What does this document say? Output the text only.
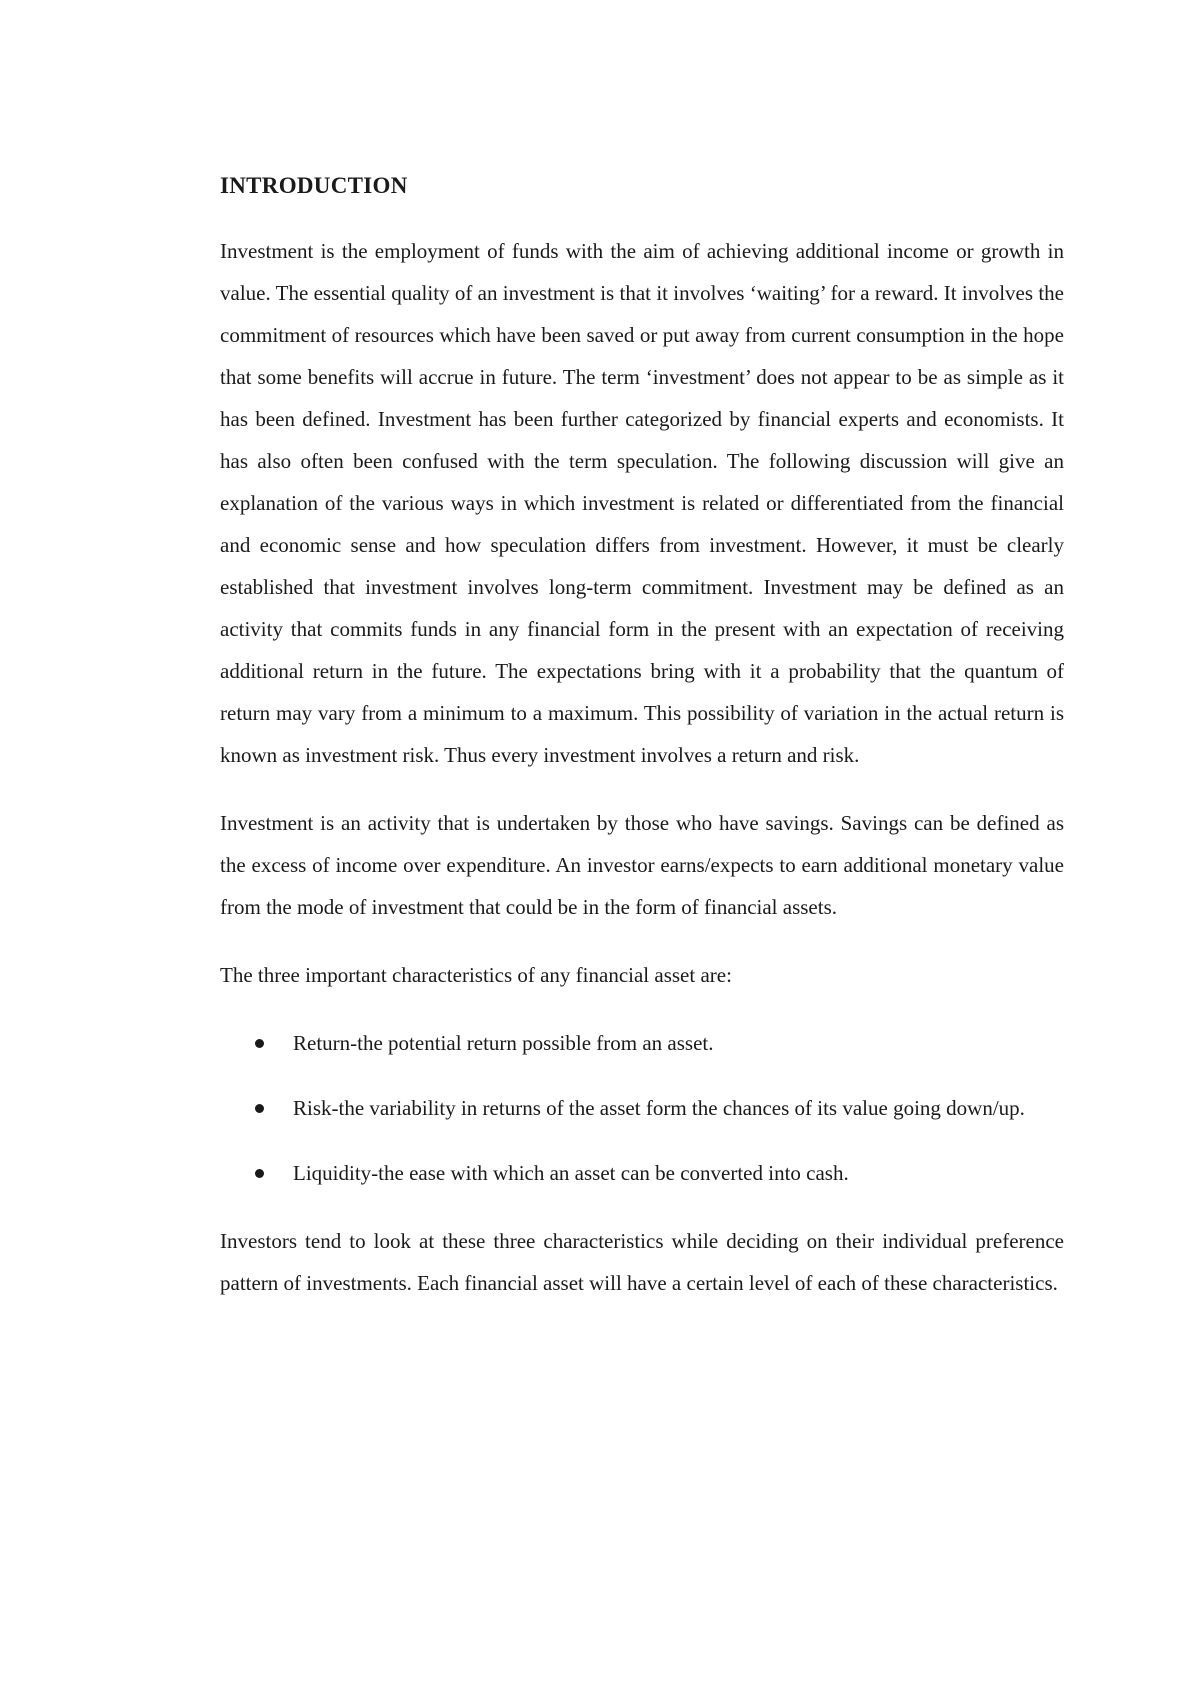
INTRODUCTION

Investment is the employment of funds with the aim of achieving additional income or growth in value. The essential quality of an investment is that it involves ‘waiting’ for a reward. It involves the commitment of resources which have been saved or put away from current consumption in the hope that some benefits will accrue in future. The term ‘investment’ does not appear to be as simple as it has been defined. Investment has been further categorized by financial experts and economists. It has also often been confused with the term speculation. The following discussion will give an explanation of the various ways in which investment is related or differentiated from the financial and economic sense and how speculation differs from investment. However, it must be clearly established that investment involves long-term commitment. Investment may be defined as an activity that commits funds in any financial form in the present with an expectation of receiving additional return in the future. The expectations bring with it a probability that the quantum of return may vary from a minimum to a maximum. This possibility of variation in the actual return is known as investment risk. Thus every investment involves a return and risk.

Investment is an activity that is undertaken by those who have savings. Savings can be defined as the excess of income over expenditure. An investor earns/expects to earn additional monetary value from the mode of investment that could be in the form of financial assets.

The three important characteristics of any financial asset are:

Return-the potential return possible from an asset.
Risk-the variability in returns of the asset form the chances of its value going down/up.
Liquidity-the ease with which an asset can be converted into cash.

Investors tend to look at these three characteristics while deciding on their individual preference pattern of investments. Each financial asset will have a certain level of each of these characteristics.
